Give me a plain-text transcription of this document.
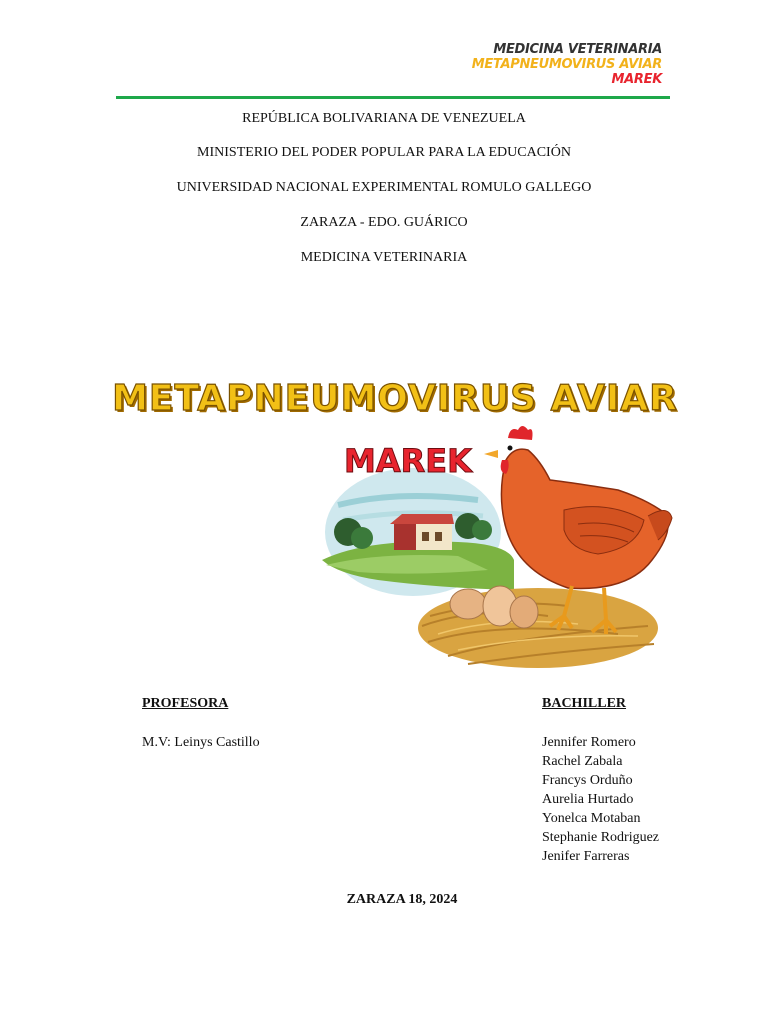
MEDICINA VETERINARIA
METAPNEUMOVIRUS AVIAR
MAREK
REPÚBLICA BOLIVARIANA DE VENEZUELA
MINISTERIO DEL PODER POPULAR PARA LA EDUCACIÓN
UNIVERSIDAD NACIONAL EXPERIMENTAL ROMULO GALLEGO
ZARAZA - EDO. GUÁRICO
MEDICINA VETERINARIA
METAPNEUMOVIRUS AVIAR
MAREK
PROFESORA
M.V: Leinys Castillo
BACHILLER
Jennifer Romero
Rachel Zabala
Francys Orduño
Aurelia Hurtado
Yonelca Motaban
Stephanie Rodriguez
Jenifer Farreras
ZARAZA 18, 2024
